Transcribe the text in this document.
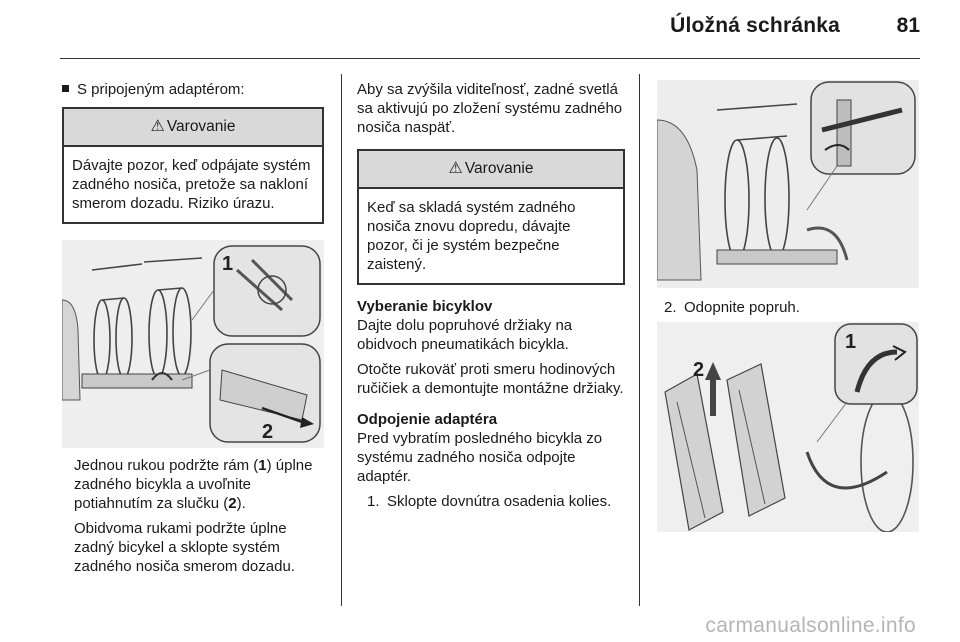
Úložná schránka	81
S pripojeným adaptérom:
⚠ Varovanie
Dávajte pozor, keď odpájate systém zadného nosiča, pretože sa nakloní smerom dozadu. Riziko úrazu.
1
2

Jednou rukou podržte rám (1) úplne zadného bicykla a uvoľnite potiahnutím za slučku (2).

Obidvoma rukami podržte úplne zadný bicykel a sklopte systém zadného nosiča smerom dozadu.

Aby sa zvýšila viditeľnosť, zadné svetlá sa aktivujú po zložení systému zadného nosiča naspäť.

⚠ Varovanie
Keď sa skladá systém zadného nosiča znovu dopredu, dávajte pozor, či je systém bezpečne zaistený.

Vyberanie bicyklov

Dajte dolu popruhové držiaky na obidvoch pneumatikách bicykla.

Otočte rukoväť proti smeru hodinových ručičiek a demontujte montážne držiaky.

Odpojenie adaptéra

Pred vybratím posledného bicykla zo systému zadného nosiča odpojte adaptér.

1. Sklopte dovnútra osadenia kolies.
2. Odopnite popruh.
2
1
carmanualsonline.info
